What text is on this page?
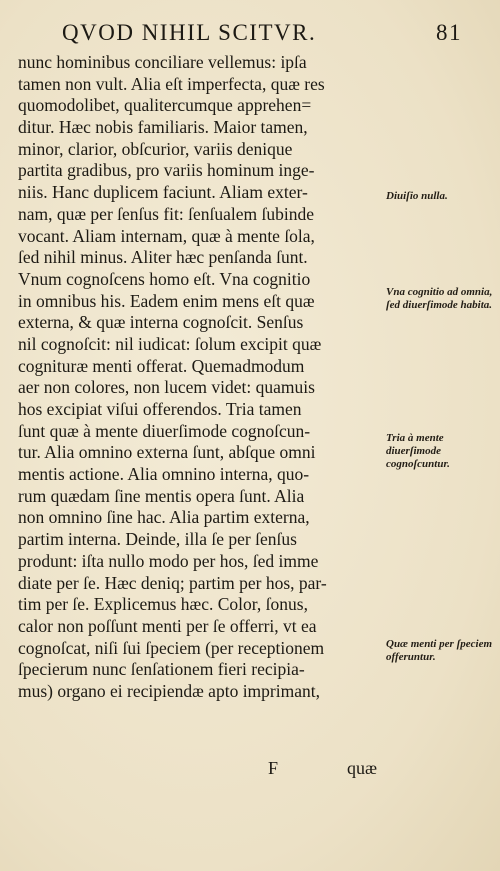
QVOD NIHIL SCITVR.	81
nunc hominibus conciliare vellemus: ipſa
tamen non vult. Alia eſt imperfecta, quæ res
quomodolibet, qualitercumque apprehen=
ditur. Hæc nobis familiaris. Maior tamen,
minor, clarior, obſcurior, variis denique
partita gradibus, pro variis hominum inge-
niis. Hanc duplicem faciunt. Aliam exter-
nam, quæ per ſenſus fit: ſenſualem ſubinde
vocant. Aliam internam, quæ à mente ſola,
ſed nihil minus. Aliter hæc penſanda ſunt.
Vnum cognoſcens homo eſt. Vna cognitio
in omnibus his. Eadem enim mens eſt quæ
externa, & quæ interna cognoſcit. Senſus
nil cognoſcit: nil iudicat: ſolum excipit quæ
cognituræ menti offerat. Quemadmodum
aer non colores, non lucem videt: quamuis
hos excipiat viſui offerendos. Tria tamen
ſunt quæ à mente diuerſimode cognoſcun-
tur. Alia omnino externa ſunt, abſque omni
mentis actione. Alia omnino interna, quo-
rum quædam ſine mentis opera ſunt. Alia
non omnino ſine hac. Alia partim externa,
partim interna. Deinde, illa ſe per ſenſus
produnt: iſta nullo modo per hos, ſed imme
diate per ſe. Hæc deniq; partim per hos, par-
tim per ſe. Explicemus hæc. Color, ſonus,
calor non poſſunt menti per ſe offerri, vt ea
cognoſcat, niſi ſui ſpeciem (per receptionem
ſpecierum nunc ſenſationem fieri recipia-
mus) organo ei recipiendæ apto imprimant,
Diuiſio nulla.
Vna cognitio ad omnia, ſed diuerſimode habita.
Tria à mente diuerſimode cognoſcuntur.
Quæ menti per ſpeciem offeruntur.
F	quæ
